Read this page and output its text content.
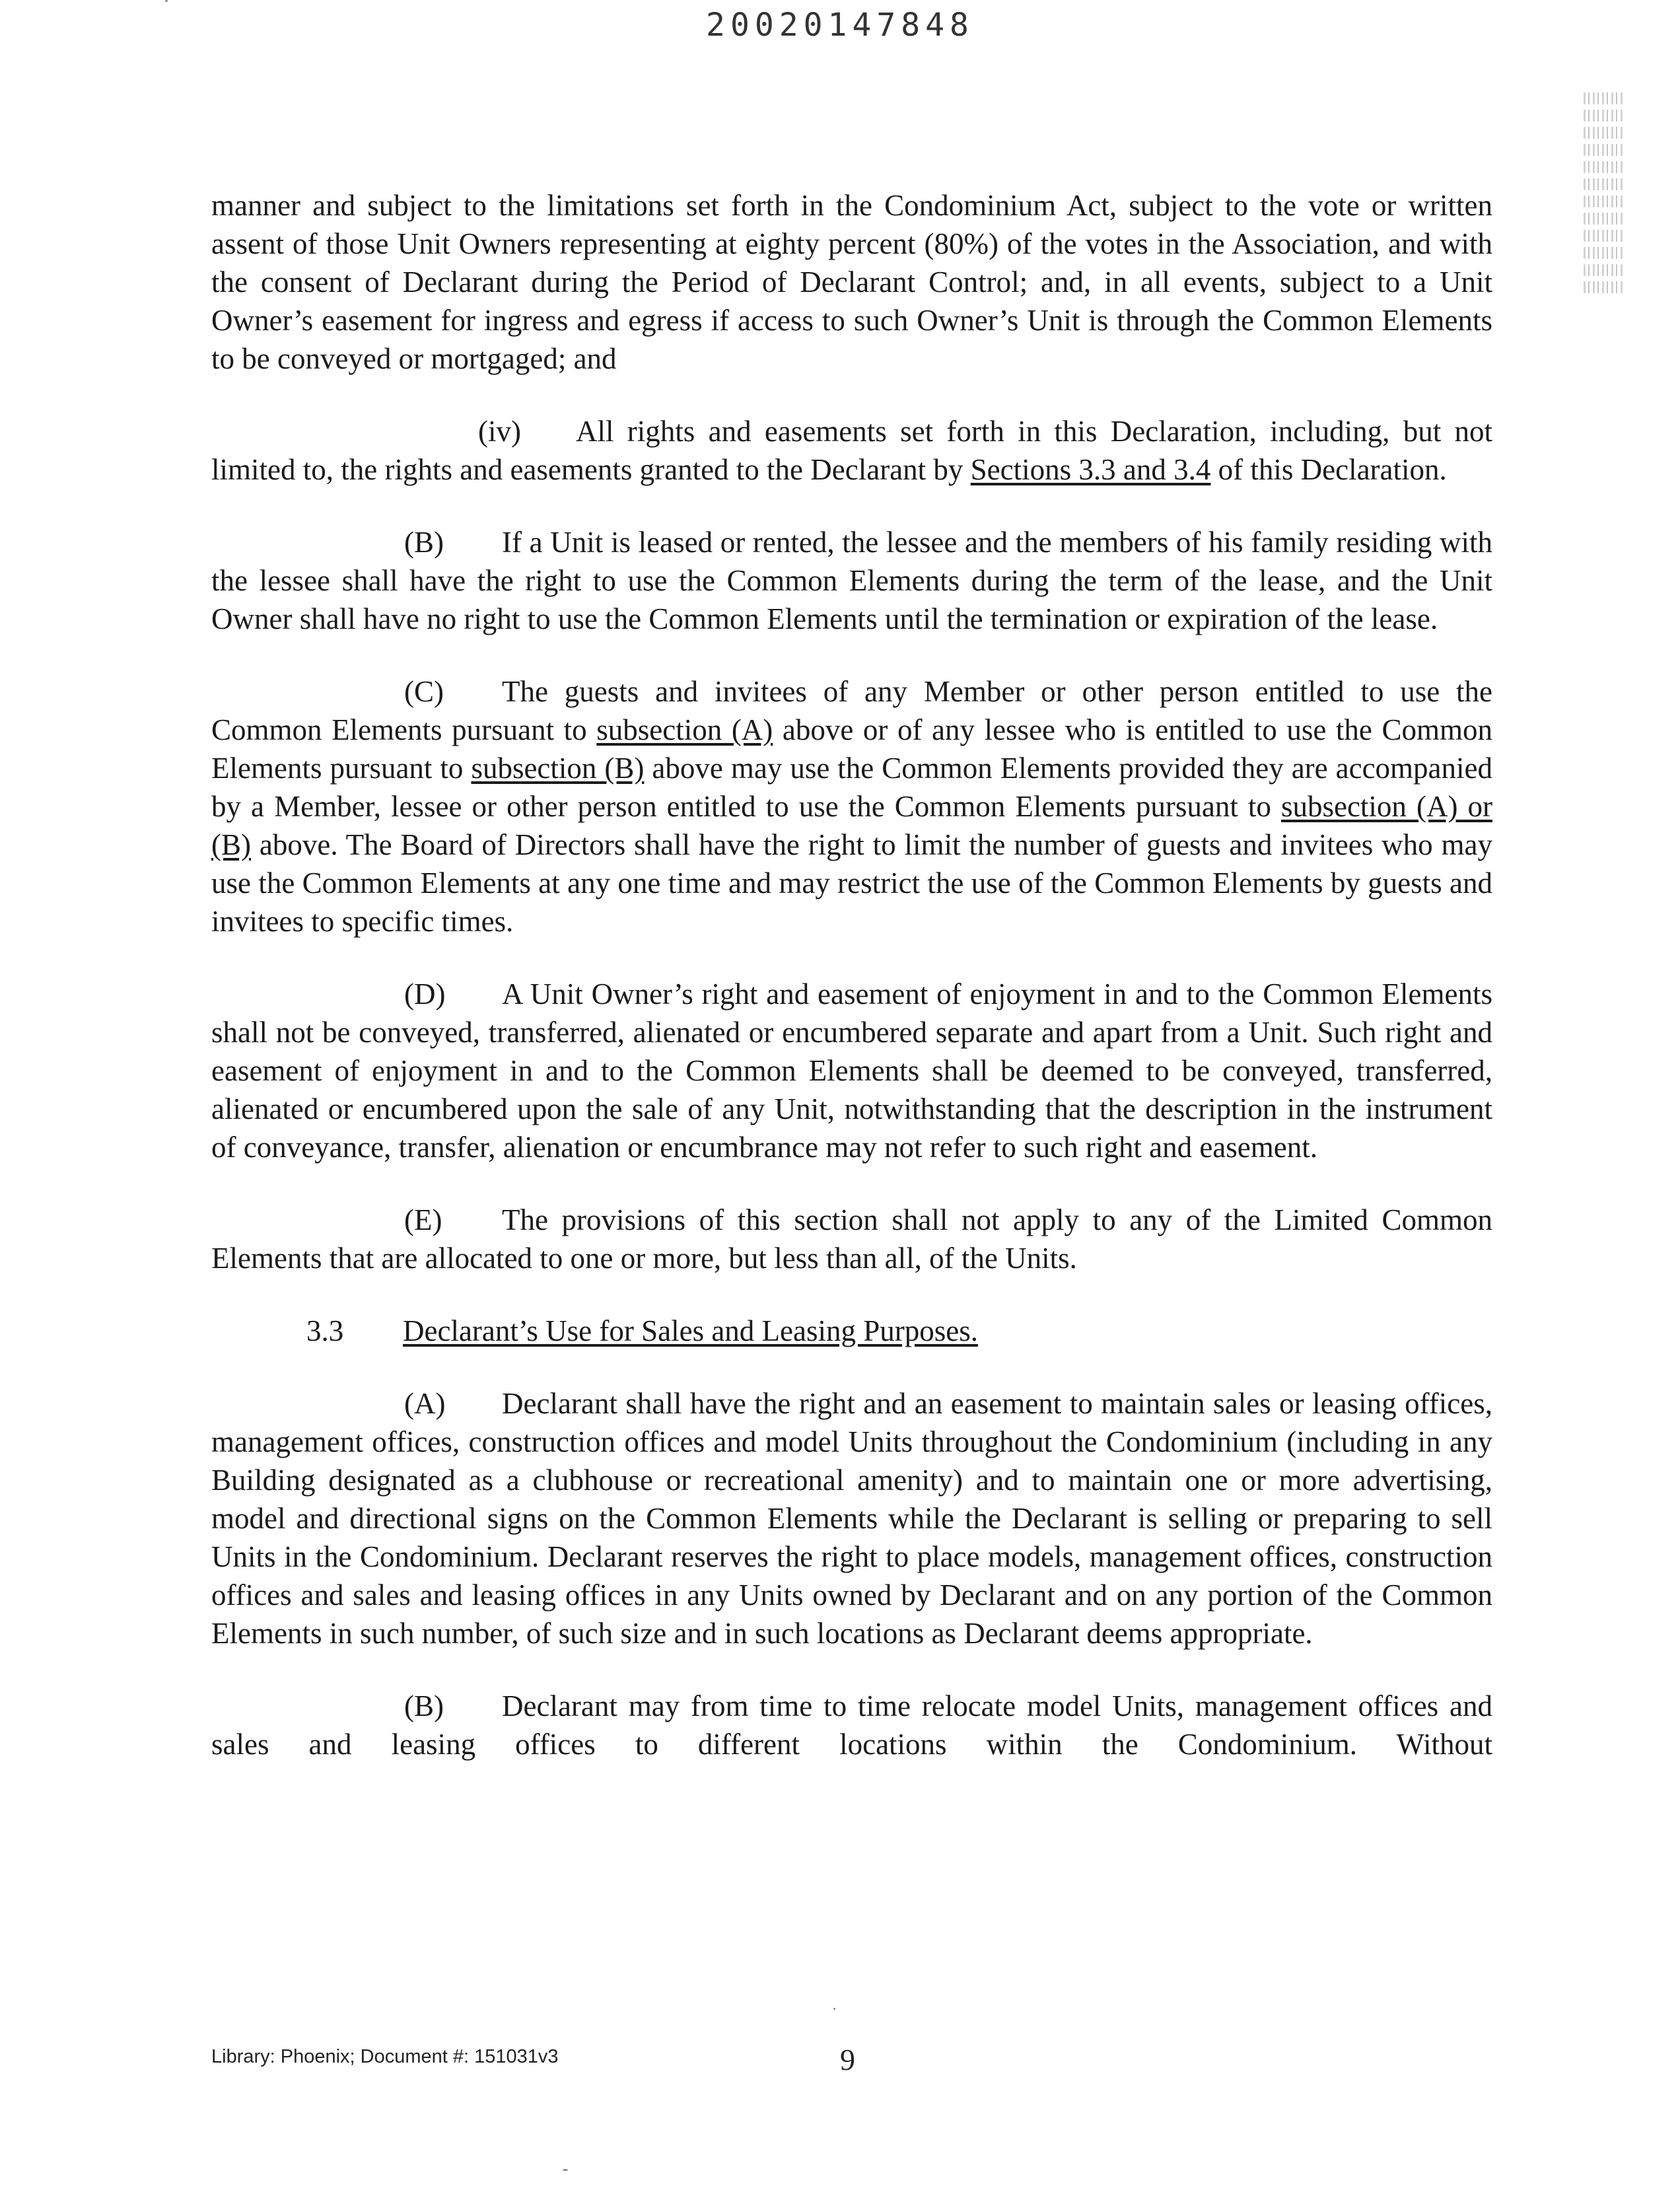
20020147848

manner and subject to the limitations set forth in the Condominium Act, subject to the vote or written assent of those Unit Owners representing at eighty percent (80%) of the votes in the Association, and with the consent of Declarant during the Period of Declarant Control; and, in all events, subject to a Unit Owner’s easement for ingress and egress if access to such Owner’s Unit is through the Common Elements to be conveyed or mortgaged; and

(iv) All rights and easements set forth in this Declaration, including, but not limited to, the rights and easements granted to the Declarant by Sections 3.3 and 3.4 of this Declaration.

(B) If a Unit is leased or rented, the lessee and the members of his family residing with the lessee shall have the right to use the Common Elements during the term of the lease, and the Unit Owner shall have no right to use the Common Elements until the termination or expiration of the lease.

(C) The guests and invitees of any Member or other person entitled to use the Common Elements pursuant to subsection (A) above or of any lessee who is entitled to use the Common Elements pursuant to subsection (B) above may use the Common Elements provided they are accompanied by a Member, lessee or other person entitled to use the Common Elements pursuant to subsection (A) or (B) above. The Board of Directors shall have the right to limit the number of guests and invitees who may use the Common Elements at any one time and may restrict the use of the Common Elements by guests and invitees to specific times.

(D) A Unit Owner’s right and easement of enjoyment in and to the Common Elements shall not be conveyed, transferred, alienated or encumbered separate and apart from a Unit. Such right and easement of enjoyment in and to the Common Elements shall be deemed to be conveyed, transferred, alienated or encumbered upon the sale of any Unit, notwithstanding that the description in the instrument of conveyance, transfer, alienation or encumbrance may not refer to such right and easement.

(E) The provisions of this section shall not apply to any of the Limited Common Elements that are allocated to one or more, but less than all, of the Units.

3.3 Declarant’s Use for Sales and Leasing Purposes.

(A) Declarant shall have the right and an easement to maintain sales or leasing offices, management offices, construction offices and model Units throughout the Condominium (including in any Building designated as a clubhouse or recreational amenity) and to maintain one or more advertising, model and directional signs on the Common Elements while the Declarant is selling or preparing to sell Units in the Condominium. Declarant reserves the right to place models, management offices, construction offices and sales and leasing offices in any Units owned by Declarant and on any portion of the Common Elements in such number, of such size and in such locations as Declarant deems appropriate.

(B) Declarant may from time to time relocate model Units, management offices and sales and leasing offices to different locations within the Condominium. Without

Library: Phoenix; Document #: 151031v3	9
